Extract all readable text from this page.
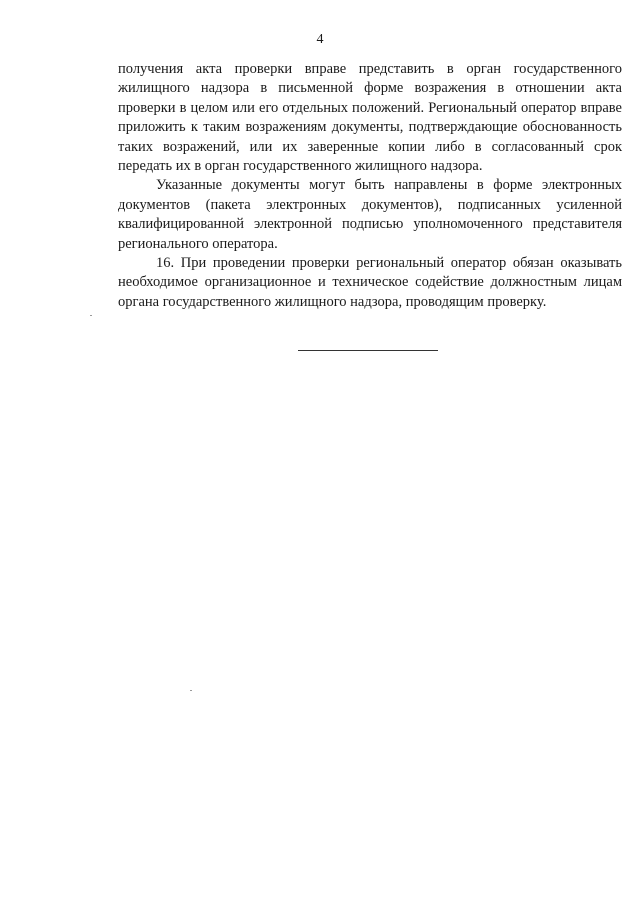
4

получения акта проверки вправе представить в орган государственного жилищного надзора в письменной форме возражения в отношении акта проверки в целом или его отдельных положений. Региональный оператор вправе приложить к таким возражениям документы, подтверждающие обоснованность таких возражений, или их заверенные копии либо в согласованный срок передать их в орган государственного жилищного надзора.

Указанные документы могут быть направлены в форме электронных документов (пакета электронных документов), подписанных усиленной квалифицированной электронной подписью уполномоченного представителя регионального оператора.

16. При проведении проверки региональный оператор обязан оказывать необходимое организационное и техническое содействие должностным лицам органа государственного жилищного надзора, проводящим проверку.
